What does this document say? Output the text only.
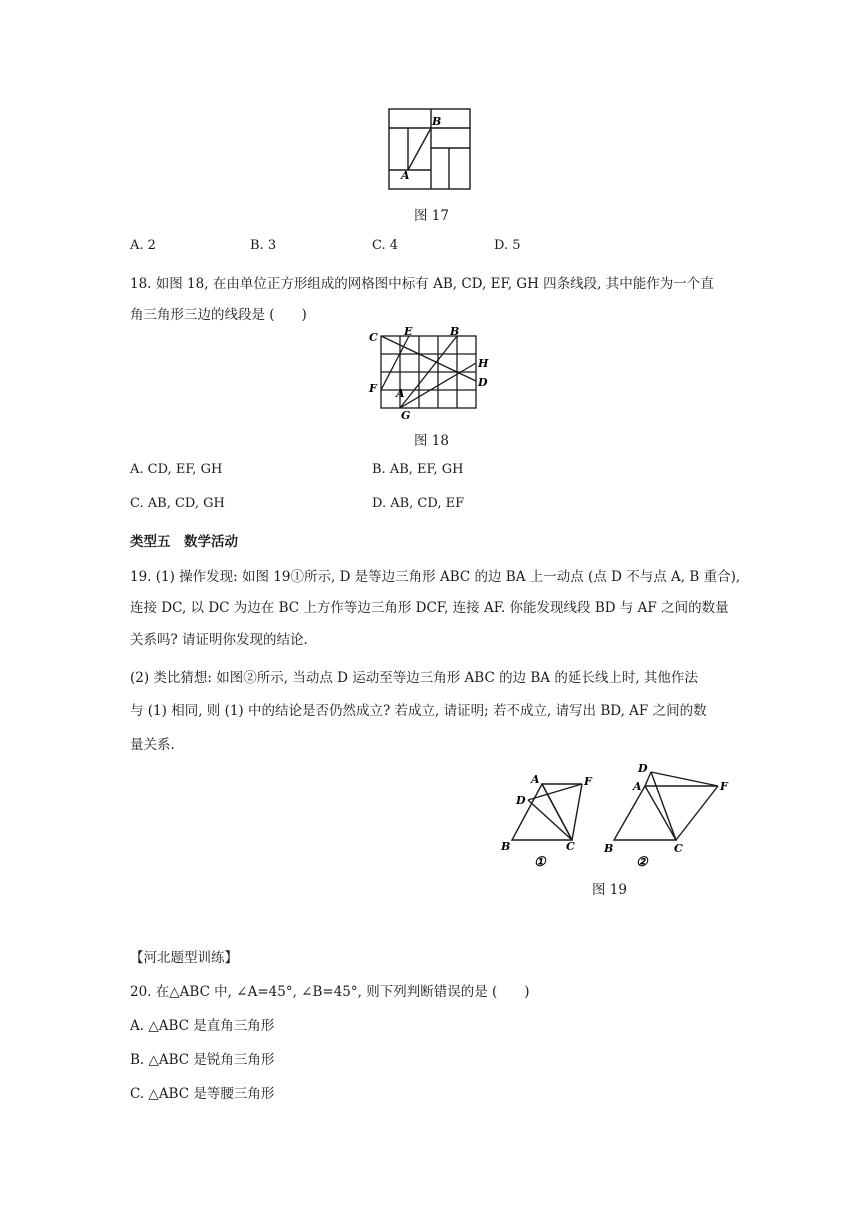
B
A
图 17
A. 2	B. 3	C. 4	D. 5
18. 如图 18, 在由单位正方形组成的网格图中标有 AB, CD, EF, GH 四条线段, 其中能作为一个直
角三角形三边的线段是 (　　)
C E	B
H
D
F A
G
图 18
A. CD, EF, GH	B. AB, EF, GH
C. AB, CD, GH	D. AB, CD, EF
类型五　数学活动
19. (1) 操作发现: 如图 19①所示, D 是等边三角形 ABC 的边 BA 上一动点 (点 D 不与点 A, B 重合),
连接 DC, 以 DC 为边在 BC 上方作等边三角形 DCF, 连接 AF. 你能发现线段 BD 与 AF 之间的数量
关系吗? 请证明你发现的结论.
(2) 类比猜想: 如图②所示, 当动点 D 运动至等边三角形 ABC 的边 BA 的延长线上时, 其他作法
与 (1) 相同, 则 (1) 中的结论是否仍然成立? 若成立, 请证明; 若不成立, 请写出 BD, AF 之间的数
量关系.
A	F
D
B	C
①
D
A	F
B	C
②
图 19
【河北题型训练】
20. 在△ABC 中, ∠A=45°, ∠B=45°, 则下列判断错误的是 (　　)
A. △ABC 是直角三角形
B. △ABC 是锐角三角形
C. △ABC 是等腰三角形
